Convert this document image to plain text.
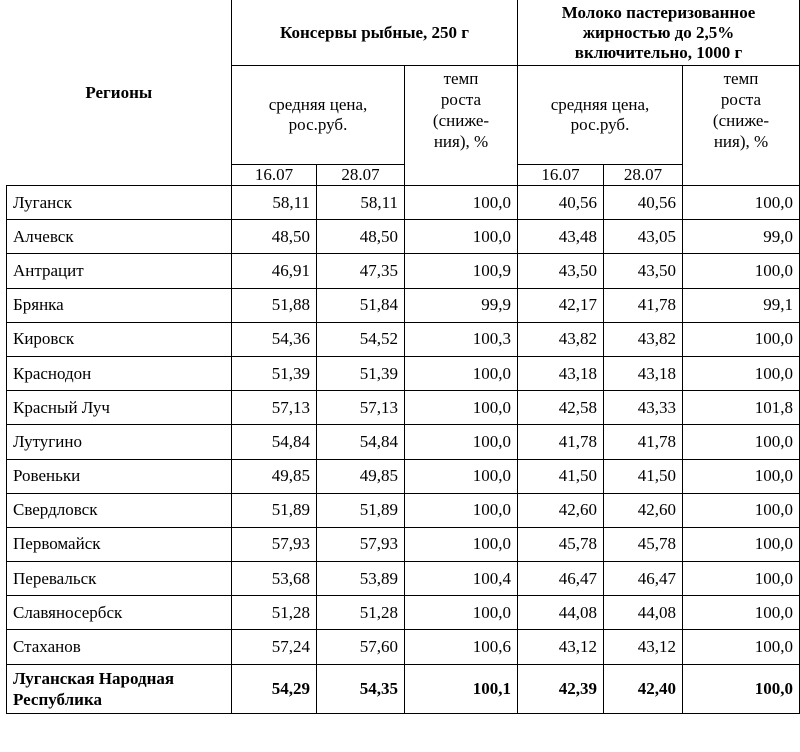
Регионы	Консервы рыбные, 250 г			Молоко пастеризованное жирностью до 2,5% включительно, 1000 г		
	средняя цена, рос.руб.		темп роста (сниже-ния), %	средняя цена, рос.руб.		темп роста (сниже-ния), %
	16.07	28.07		16.07	28.07	
Луганск	58,11	58,11	100,0	40,56	40,56	100,0
Алчевск	48,50	48,50	100,0	43,48	43,05	99,0
Антрацит	46,91	47,35	100,9	43,50	43,50	100,0
Брянка	51,88	51,84	99,9	42,17	41,78	99,1
Кировск	54,36	54,52	100,3	43,82	43,82	100,0
Краснодон	51,39	51,39	100,0	43,18	43,18	100,0
Красный Луч	57,13	57,13	100,0	42,58	43,33	101,8
Лутугино	54,84	54,84	100,0	41,78	41,78	100,0
Ровеньки	49,85	49,85	100,0	41,50	41,50	100,0
Свердловск	51,89	51,89	100,0	42,60	42,60	100,0
Первомайск	57,93	57,93	100,0	45,78	45,78	100,0
Перевальск	53,68	53,89	100,4	46,47	46,47	100,0
Славяносербск	51,28	51,28	100,0	44,08	44,08	100,0
Стаханов	57,24	57,60	100,6	43,12	43,12	100,0
Луганская Народная Республика	54,29	54,35	100,1	42,39	42,40	100,0
